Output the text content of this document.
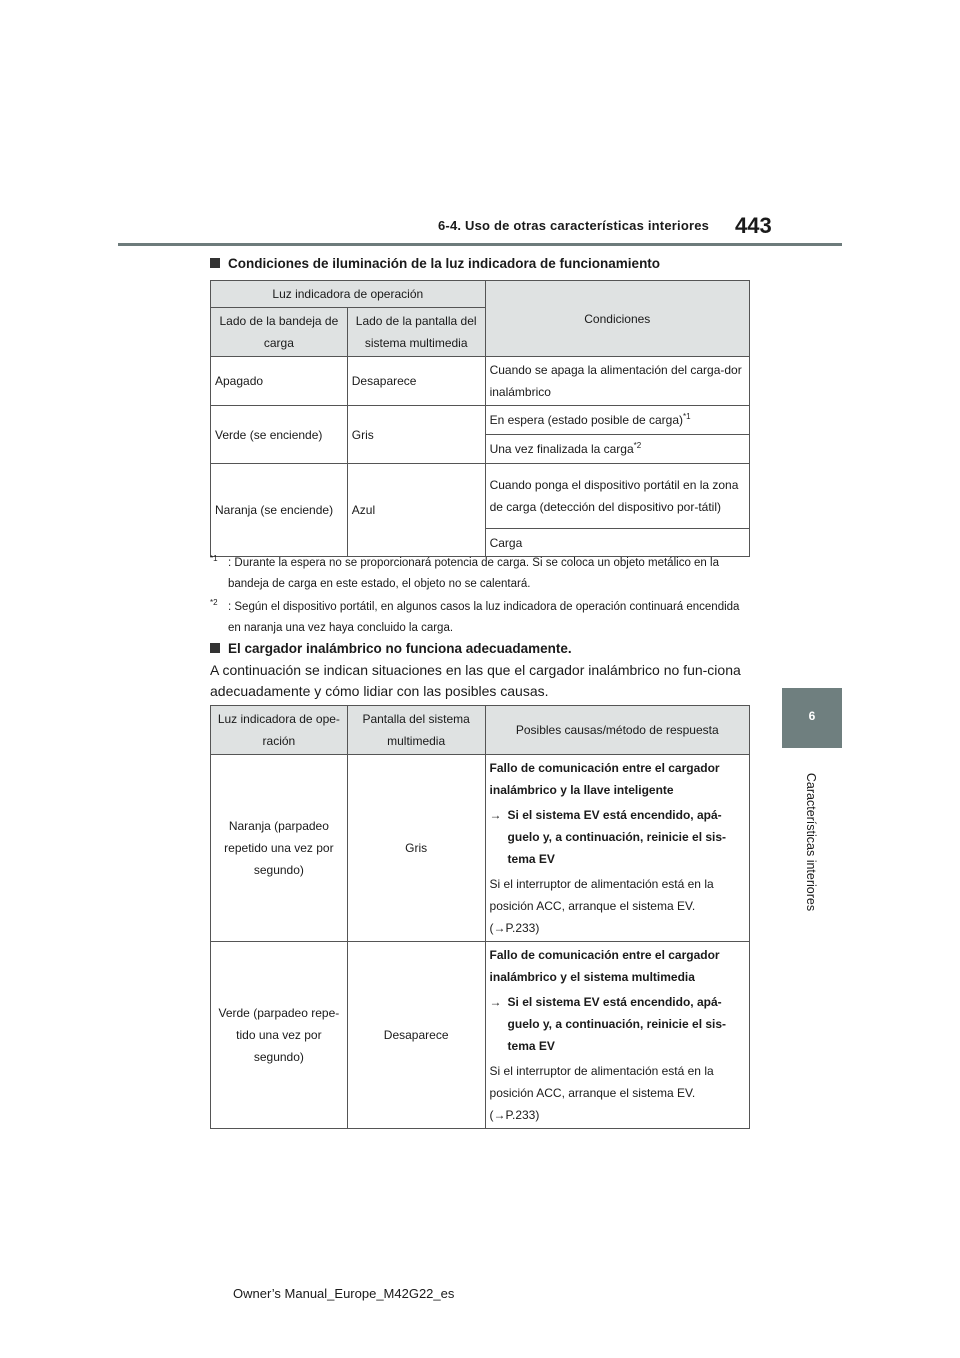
6-4. Uso de otras características interiores 443
6
Características interiores
Condiciones de iluminación de la luz indicadora de funcionamiento
Luz indicadora de operación		Condiciones
Lado de la bandeja de carga	Lado de la pantalla del sistema multimedia	
Apagado	Desaparece	Cuando se apaga la alimentación del carga-dor inalámbrico
Verde (se enciende)	Gris	En espera (estado posible de carga)$^{*1}$
		Una vez finalizada la carga$^{*2}$
Naranja (se enciende)	Azul	Cuando ponga el dispositivo portátil en la zona de carga (detección del dispositivo por-tátil)
		Carga
*1 : Durante la espera no se proporcionará potencia de carga. Si se coloca un objeto metálico en la bandeja de carga en este estado, el objeto no se calentará.
*2 : Según el dispositivo portátil, en algunos casos la luz indicadora de operación continuará encendida en naranja una vez haya concluido la carga.
El cargador inalámbrico no funciona adecuadamente.
A continuación se indican situaciones en las que el cargador inalámbrico no fun-ciona adecuadamente y cómo lidiar con las posibles causas.
Luz indicadora de ope-ración	Pantalla del sistema multimedia	Posibles causas/método de respuesta
Naranja (parpadeo repetido una vez por segundo)	Gris	Fallo de comunicación entre el cargador inalámbrico y la llave inteligente
→ Si el sistema EV está encendido, apá-guelo y, a continuación, reinicie el sis-tema EV
Si el interruptor de alimentación está en la posición ACC, arranque el sistema EV.
(→P.233)

Verde (parpadeo repe-tido una vez por segundo)	Desaparece	Fallo de comunicación entre el cargador inalámbrico y el sistema multimedia
→ Si el sistema EV está encendido, apá-guelo y, a continuación, reinicie el sis-tema EV
Si el interruptor de alimentación está en la posición ACC, arranque el sistema EV.
(→P.233)
Owner’s Manual_Europe_M42G22_es
